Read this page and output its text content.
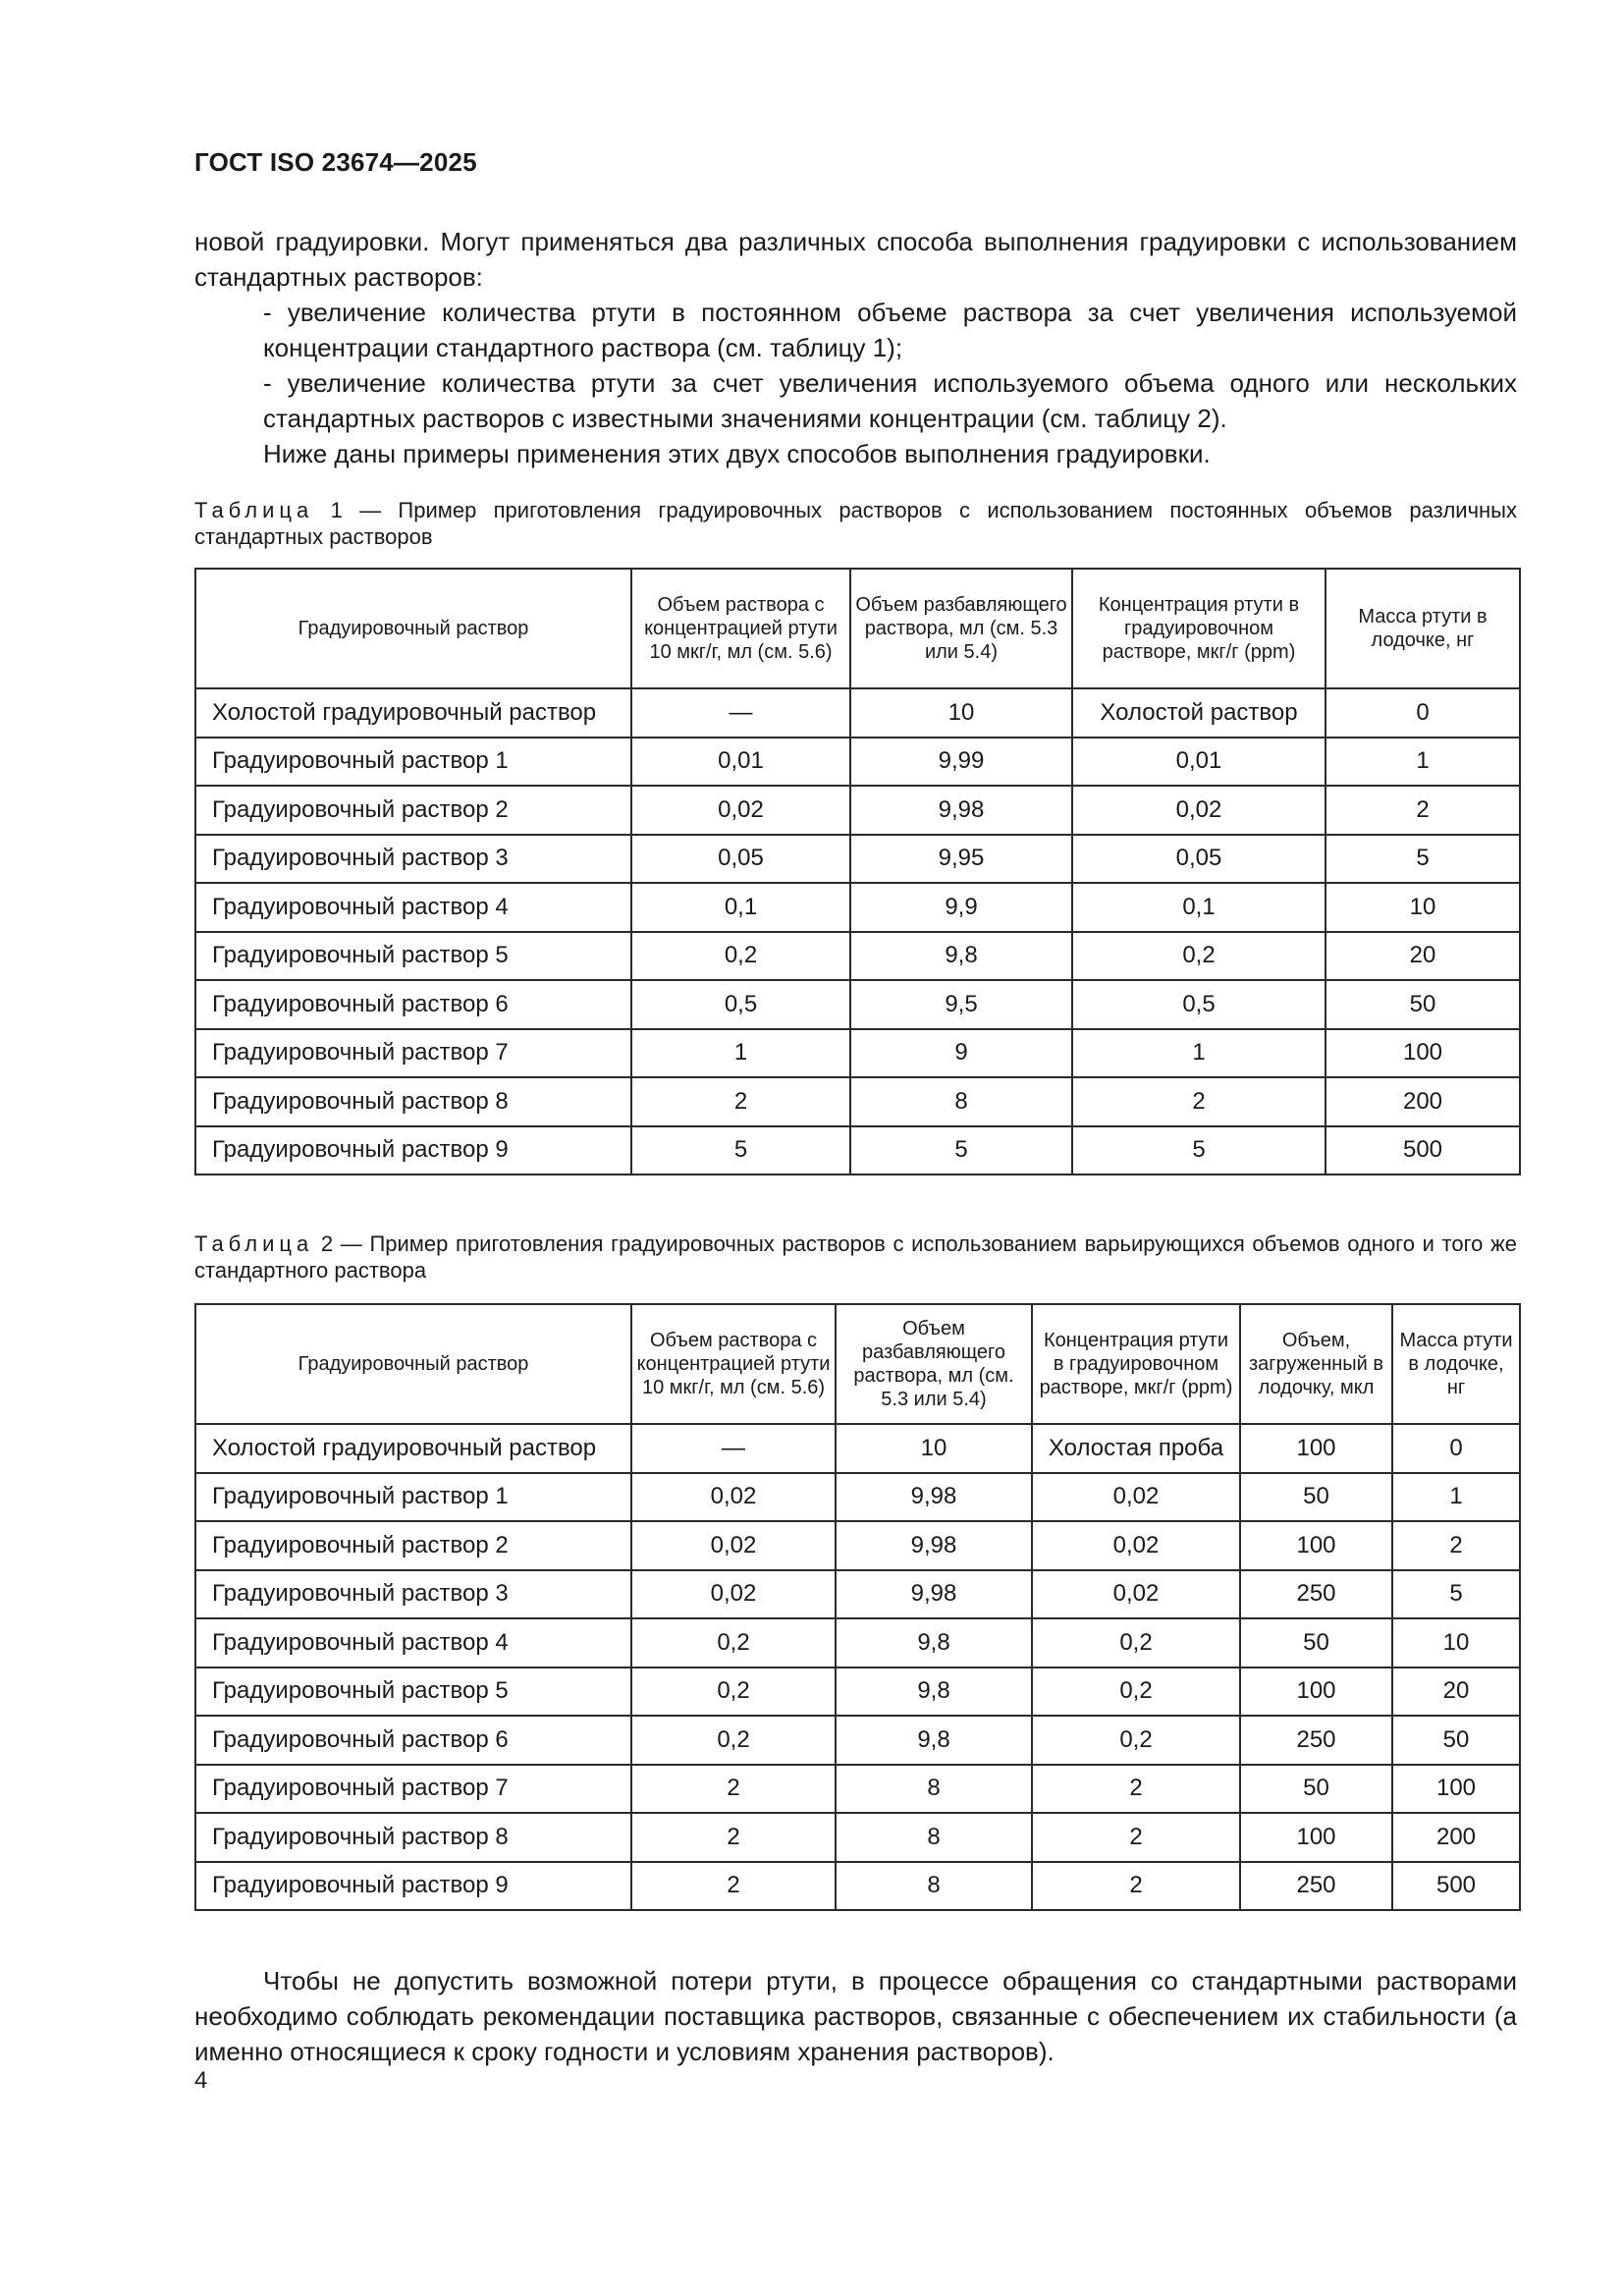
ГОСТ ISO 23674—2025

новой градуировки. Могут применяться два различных способа выполнения градуировки с использованием стандартных растворов:

- увеличение количества ртути в постоянном объеме раствора за счет увеличения используемой концентрации стандартного раствора (см. таблицу 1);

- увеличение количества ртути за счет увеличения используемого объема одного или нескольких стандартных растворов с известными значениями концентрации (см. таблицу 2).

Ниже даны примеры применения этих двух способов выполнения градуировки.

Таблица 1 — Пример приготовления градуировочных растворов с использованием постоянных объемов различных стандартных растворов
Градуировочный раствор	Объем раствора с концентрацией ртути 10 мкг/г, мл (см. 5.6)	Объем разбавляющего раствора, мл (см. 5.3 или 5.4)	Концентрация ртути в градуировочном растворе, мкг/г (ppm)	Масса ртути в лодочке, нг
Холостой градуировочный раствор	—	10	Холостой раствор	0
Градуировочный раствор 1	0,01	9,99	0,01	1
Градуировочный раствор 2	0,02	9,98	0,02	2
Градуировочный раствор 3	0,05	9,95	0,05	5
Градуировочный раствор 4	0,1	9,9	0,1	10
Градуировочный раствор 5	0,2	9,8	0,2	20
Градуировочный раствор 6	0,5	9,5	0,5	50
Градуировочный раствор 7	1	9	1	100
Градуировочный раствор 8	2	8	2	200
Градуировочный раствор 9	5	5	5	500
Таблица 2 — Пример приготовления градуировочных растворов с использованием варьирующихся объемов одного и того же стандартного раствора
Градуировочный раствор	Объем раствора с концентрацией ртути 10 мкг/г, мл (см. 5.6)	Объем разбавляющего раствора, мл (см. 5.3 или 5.4)	Концентрация ртути в градуировочном растворе, мкг/г (ppm)	Объем, загруженный в лодочку, мкл	Масса ртути в лодочке, нг
Холостой градуировочный раствор	—	10	Холостая проба	100	0
Градуировочный раствор 1	0,02	9,98	0,02	50	1
Градуировочный раствор 2	0,02	9,98	0,02	100	2
Градуировочный раствор 3	0,02	9,98	0,02	250	5
Градуировочный раствор 4	0,2	9,8	0,2	50	10
Градуировочный раствор 5	0,2	9,8	0,2	100	20
Градуировочный раствор 6	0,2	9,8	0,2	250	50
Градуировочный раствор 7	2	8	2	50	100
Градуировочный раствор 8	2	8	2	100	200
Градуировочный раствор 9	2	8	2	250	500

Чтобы не допустить возможной потери ртути, в процессе обращения со стандартными растворами необходимо соблюдать рекомендации поставщика растворов, связанные с обеспечением их стабильности (а именно относящиеся к сроку годности и условиям хранения растворов).

4
